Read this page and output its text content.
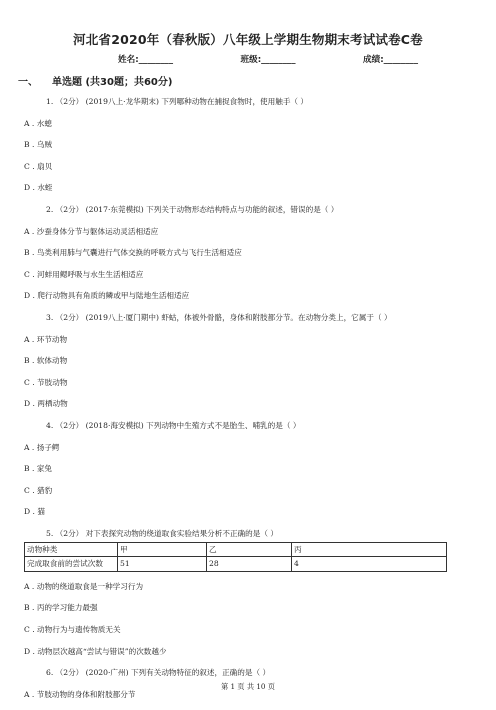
河北省2020年（春秋版）八年级上学期生物期末考试试卷C卷
姓名:________	班级:________	成绩:________
一、 单选题 (共30题；共60分)
1. （2分） (2019八上·龙华期末) 下列哪种动物在捕捉食物时，使用触手（ ）
A . 水螅
B . 乌贼
C . 扇贝
D . 水蛭
2. （2分） (2017·东莞模拟) 下列关于动物形态结构特点与功能的叙述，错误的是（ ）
A . 沙蚕身体分节与躯体运动灵活相适应
B . 鸟类利用肺与气囊进行气体交换的呼吸方式与飞行生活相适应
C . 河蚌用鳃呼吸与水生生活相适应
D . 爬行动物具有角质的鳞或甲与陆地生活相适应
3. （2分） (2019八上·厦门期中) 虾蛄，体被外骨骼，身体和附肢都分节。在动物分类上，它属于（ ）
A . 环节动物
B . 软体动物
C . 节肢动物
D . 两栖动物
4. （2分） (2018·海安模拟) 下列动物中生殖方式不是胎生、哺乳的是（ ）
A . 扬子鳄
B . 家兔
C . 猎豹
D . 猫
5. （2分） 对下表探究动物的绕道取食实验结果分析不正确的是（ ）
动物种类	甲	乙	丙
完成取食前的尝试次数	51	28	4
A . 动物的绕道取食是一种学习行为
B . 丙的学习能力最强
C . 动物行为与遗传物质无关
D . 动物层次越高“尝试与错误”的次数越少
6. （2分） (2020·广州) 下列有关动物特征的叙述，正确的是（ ）
A . 节肢动物的身体和附肢都分节
第 1 页 共 10 页
